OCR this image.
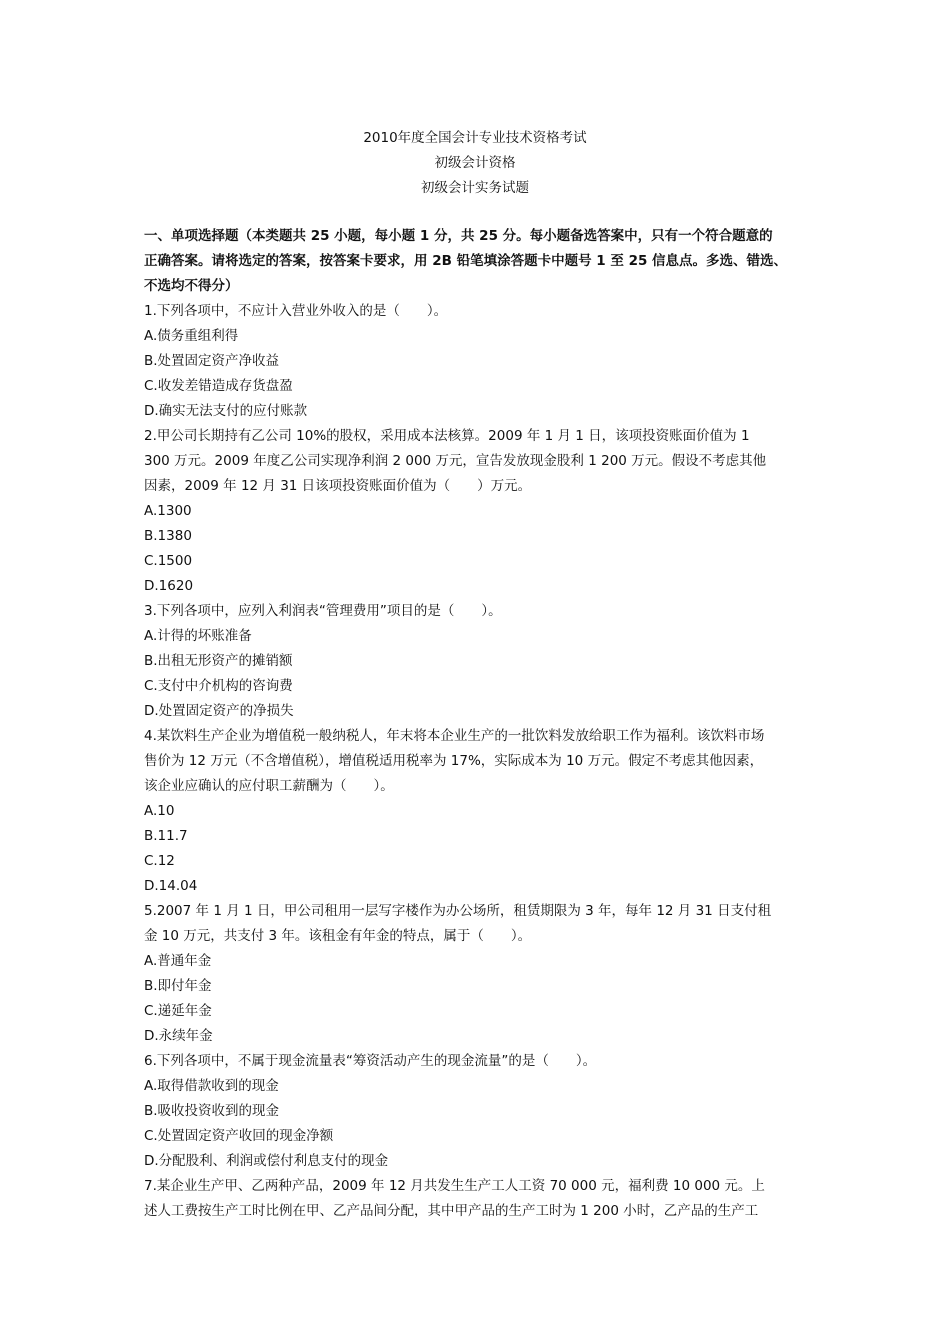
2010年度全国会计专业技术资格考试
初级会计资格
初级会计实务试题
一、单项选择题（本类题共 25 小题，每小题 1 分，共 25 分。每小题备选答案中，只有一个符合题意的
正确答案。请将选定的答案，按答案卡要求，用 2B 铅笔填涂答题卡中题号 1 至 25 信息点。多选、错选、
不选均不得分）
1.下列各项中，不应计入营业外收入的是（　　）。
A.债务重组利得
B.处置固定资产净收益
C.收发差错造成存货盘盈
D.确实无法支付的应付账款
2.甲公司长期持有乙公司 10%的股权，采用成本法核算。2009 年 1 月 1 日，该项投资账面价值为 1
300 万元。2009 年度乙公司实现净利润 2 000 万元，宣告发放现金股利 1 200 万元。假设不考虑其他
因素，2009 年 12 月 31 日该项投资账面价值为（　　）万元。
A.1300
B.1380
C.1500
D.1620
3.下列各项中，应列入利润表“管理费用”项目的是（　　）。
A.计得的坏账准备
B.出租无形资产的摊销额
C.支付中介机构的咨询费
D.处置固定资产的净损失
4.某饮料生产企业为增值税一般纳税人，年末将本企业生产的一批饮料发放给职工作为福利。该饮料市场
售价为 12 万元（不含增值税），增值税适用税率为 17%，实际成本为 10 万元。假定不考虑其他因素，
该企业应确认的应付职工薪酬为（　　）。
A.10
B.11.7
C.12
D.14.04
5.2007 年 1 月 1 日，甲公司租用一层写字楼作为办公场所，租赁期限为 3 年，每年 12 月 31 日支付租
金 10 万元，共支付 3 年。该租金有年金的特点，属于（　　）。
A.普通年金
B.即付年金
C.递延年金
D.永续年金
6.下列各项中，不属于现金流量表“筹资活动产生的现金流量”的是（　　）。
A.取得借款收到的现金
B.吸收投资收到的现金
C.处置固定资产收回的现金净额
D.分配股利、利润或偿付利息支付的现金
7.某企业生产甲、乙两种产品，2009 年 12 月共发生生产工人工资 70 000 元，福利费 10 000 元。上
述人工费按生产工时比例在甲、乙产品间分配，其中甲产品的生产工时为 1 200 小时，乙产品的生产工
